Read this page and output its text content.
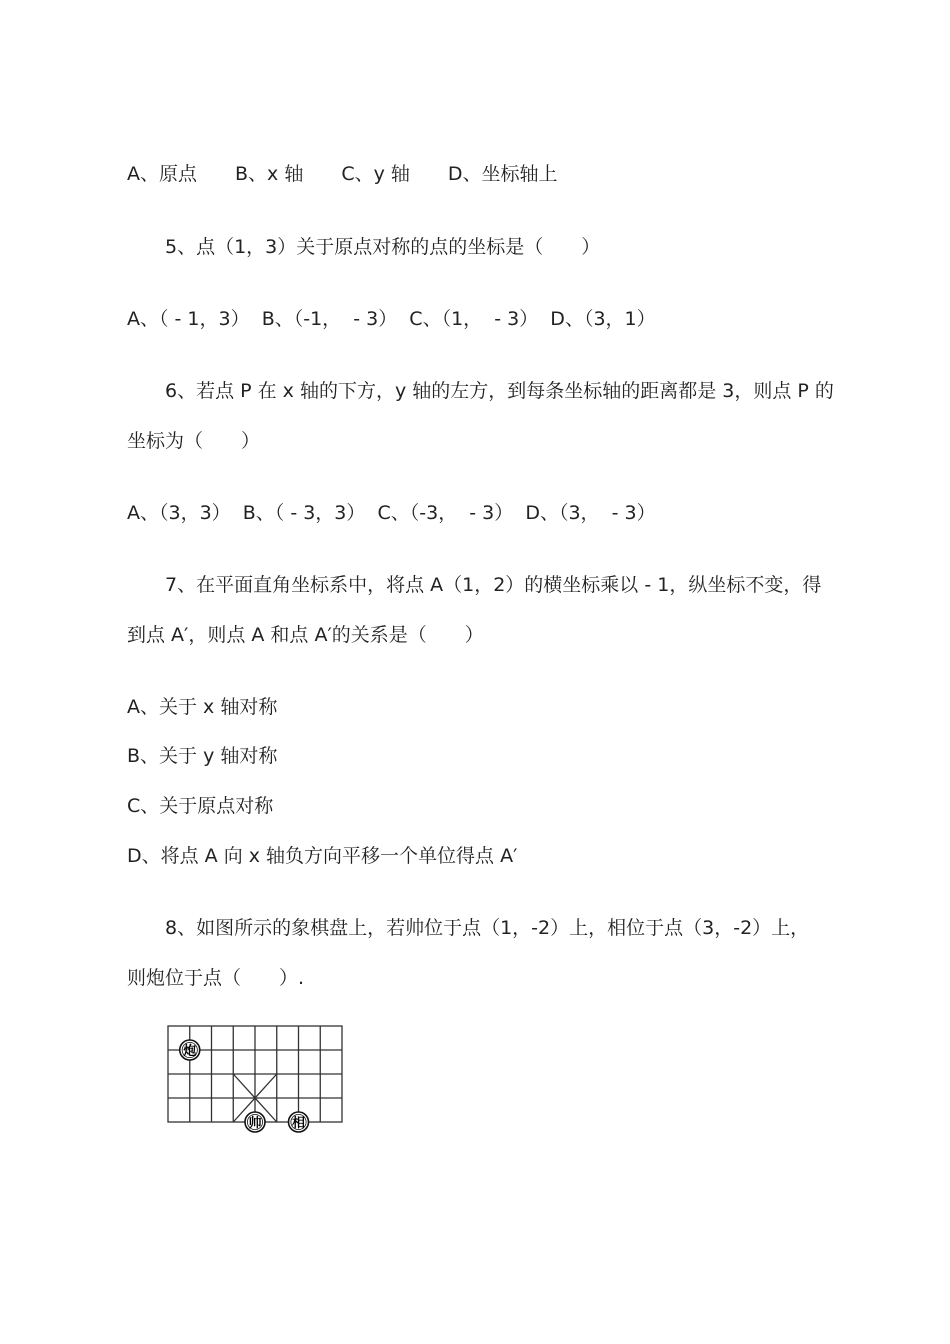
A、原点　　B、x 轴　　C、y 轴　　D、坐标轴上
5、点（1，3）关于原点对称的点的坐标是（　　）
A、（ - 1，3）  B、（-1，  - 3）  C、（1，  - 3）  D、（3，1）
6、若点 P 在 x 轴的下方，y 轴的左方，到每条坐标轴的距离都是 3，则点 P 的
坐标为（　　）
A、（3，3）  B、（ - 3，3）  C、（-3，  - 3）  D、（3，  - 3）
7、在平面直角坐标系中，将点 A（1，2）的横坐标乘以 - 1，纵坐标不变，得
到点 A′，则点 A 和点 A′的关系是（　　）
A、关于 x 轴对称
B、关于 y 轴对称
C、关于原点对称
D、将点 A 向 x 轴负方向平移一个单位得点 A′
8、如图所示的象棋盘上，若帅位于点（1，-2）上，相位于点（3，-2）上，
则炮位于点（　　）.
炮
帅 相
